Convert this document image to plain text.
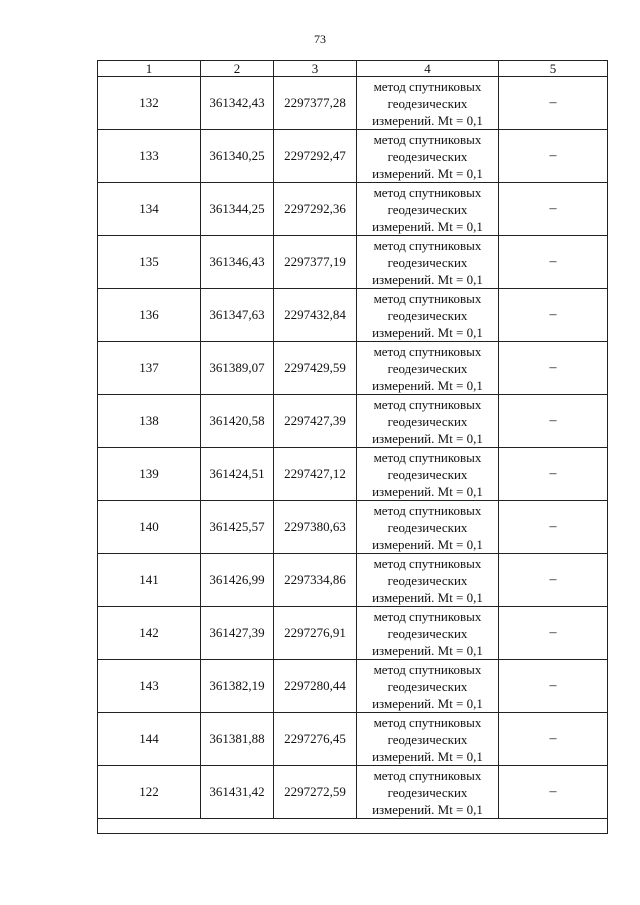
73
1	2	3	4	5
132	361342,43	2297377,28	метод спутниковых
геодезических
измерений. Mt = 0,1	–
133	361340,25	2297292,47	метод спутниковых
геодезических
измерений. Mt = 0,1	–
134	361344,25	2297292,36	метод спутниковых
геодезических
измерений. Mt = 0,1	–
135	361346,43	2297377,19	метод спутниковых
геодезических
измерений. Mt = 0,1	–
136	361347,63	2297432,84	метод спутниковых
геодезических
измерений. Mt = 0,1	–
137	361389,07	2297429,59	метод спутниковых
геодезических
измерений. Mt = 0,1	–
138	361420,58	2297427,39	метод спутниковых
геодезических
измерений. Mt = 0,1	–
139	361424,51	2297427,12	метод спутниковых
геодезических
измерений. Mt = 0,1	–
140	361425,57	2297380,63	метод спутниковых
геодезических
измерений. Mt = 0,1	–
141	361426,99	2297334,86	метод спутниковых
геодезических
измерений. Mt = 0,1	–
142	361427,39	2297276,91	метод спутниковых
геодезических
измерений. Mt = 0,1	–
143	361382,19	2297280,44	метод спутниковых
геодезических
измерений. Mt = 0,1	–
144	361381,88	2297276,45	метод спутниковых
геодезических
измерений. Mt = 0,1	–
122	361431,42	2297272,59	метод спутниковых
геодезических
измерений. Mt = 0,1	–
